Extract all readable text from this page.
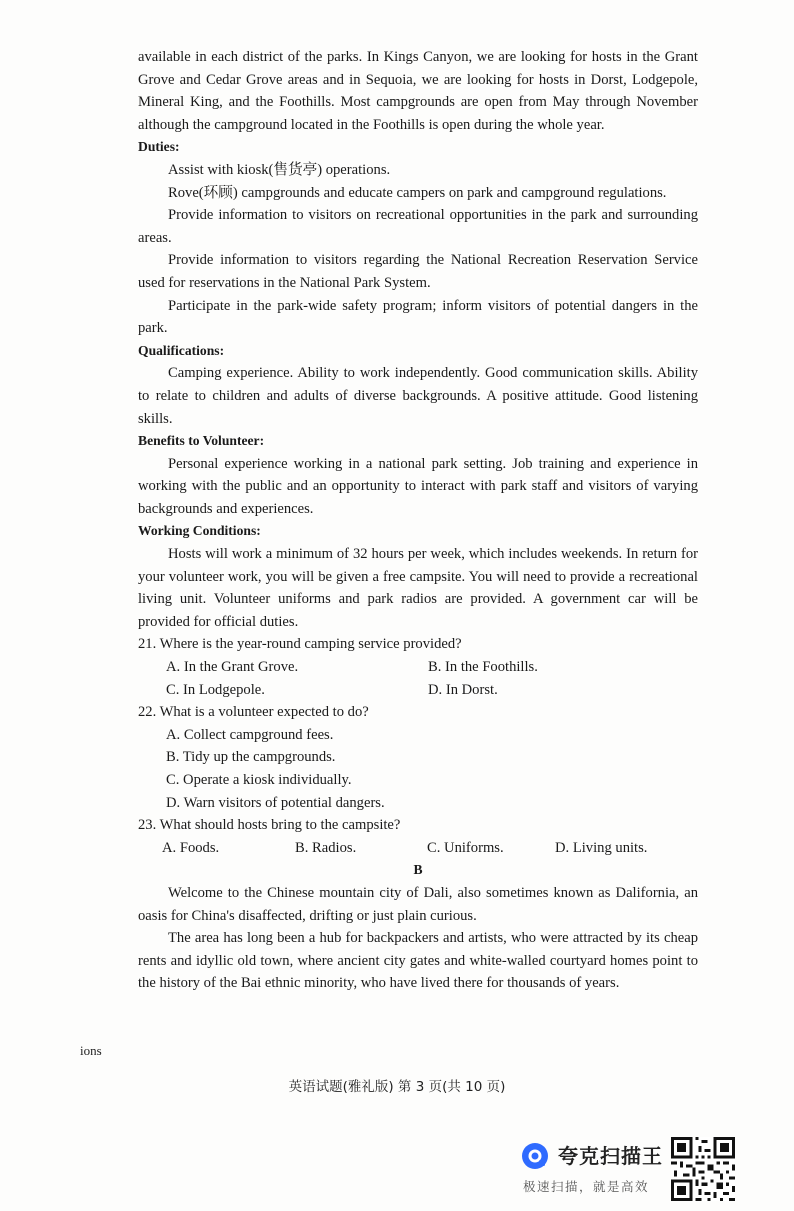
available in each district of the parks. In Kings Canyon, we are looking for hosts in the Grant Grove and Cedar Grove areas and in Sequoia, we are looking for hosts in Dorst, Lodgepole, Mineral King, and the Foothills. Most campgrounds are open from May through November although the campground located in the Foothills is open during the whole year.

Duties:

Assist with kiosk(售货亭) operations.

Rove(环顾) campgrounds and educate campers on park and campground regulations.

Provide information to visitors on recreational opportunities in the park and surrounding areas.

Provide information to visitors regarding the National Recreation Reservation Service used for reservations in the National Park System.

Participate in the park-wide safety program; inform visitors of potential dangers in the park.

Qualifications:

Camping experience. Ability to work independently. Good communication skills. Ability to relate to children and adults of diverse backgrounds. A positive attitude. Good listening skills.

Benefits to Volunteer:

Personal experience working in a national park setting. Job training and experience in working with the public and an opportunity to interact with park staff and visitors of varying backgrounds and experiences.

Working Conditions:

Hosts will work a minimum of 32 hours per week, which includes weekends. In return for your volunteer work, you will be given a free campsite. You will need to provide a recreational living unit. Volunteer uniforms and park radios are provided. A government car will be provided for official duties.

21. Where is the year-round camping service provided?

A. In the Grant Grove.	B. In the Foothills.
C. In Lodgepole.	D. In Dorst.

22. What is a volunteer expected to do?

A. Collect campground fees.

B. Tidy up the campgrounds.

C. Operate a kiosk individually.

D. Warn visitors of potential dangers.

23. What should hosts bring to the campsite?

A. Foods.	B. Radios.	C. Uniforms.	D. Living units.

B

Welcome to the Chinese mountain city of Dali, also sometimes known as Dalifornia, an oasis for China's disaffected, drifting or just plain curious.

The area has long been a hub for backpackers and artists, who were attracted by its cheap rents and idyllic old town, where ancient city gates and white-walled courtyard homes point to the history of the Bai ethnic minority, who have lived there for thousands of years.

ions
英语试题(雅礼版) 第 3 页(共 10 页)
夸克扫描王
极速扫描，就是高效
